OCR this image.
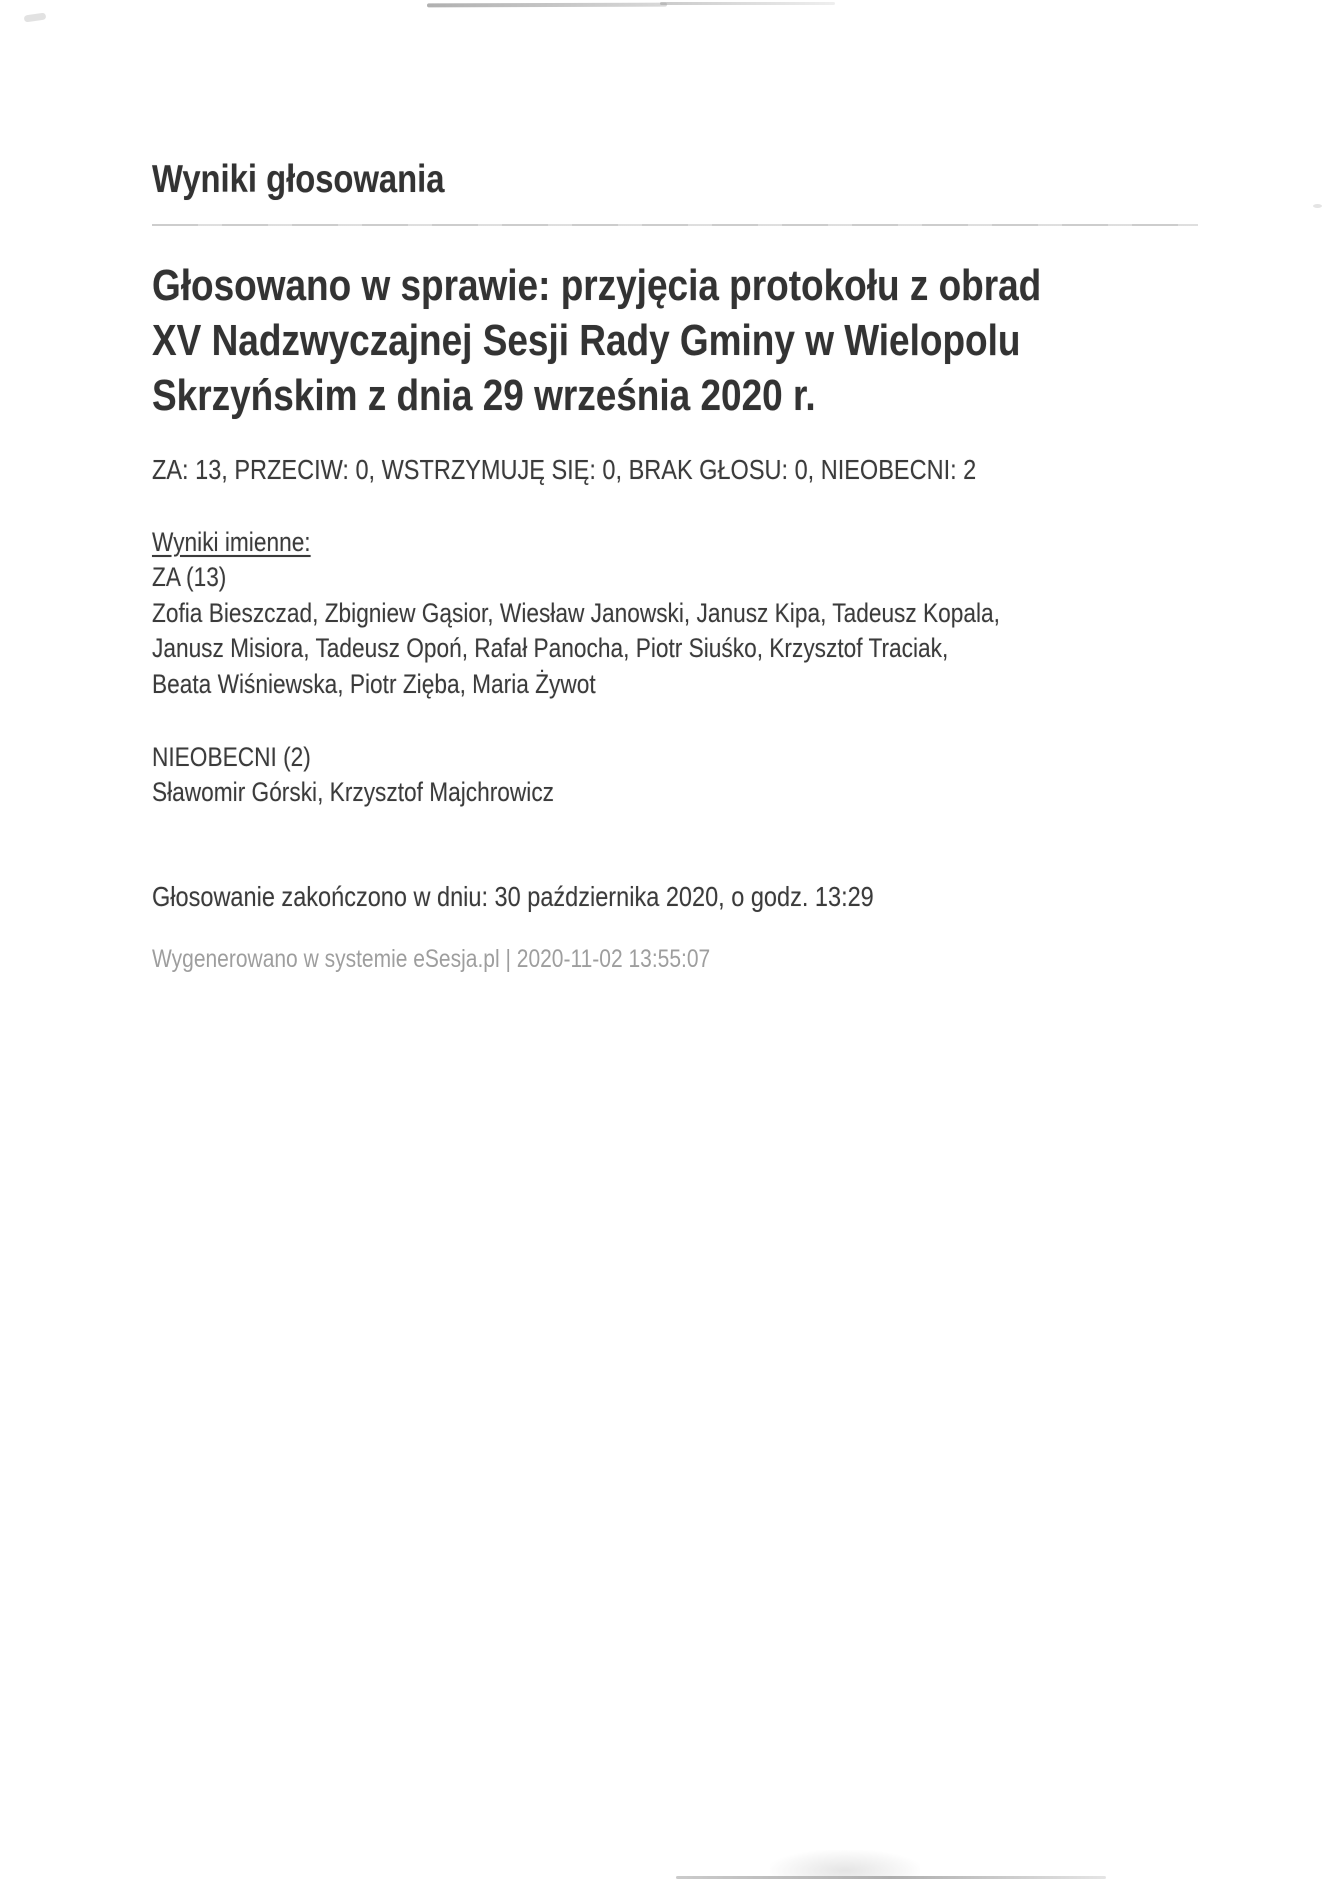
Wyniki głosowania
Głosowano w sprawie: przyjęcia protokołu z obrad
XV Nadzwyczajnej Sesji Rady Gminy w Wielopolu
Skrzyńskim z dnia 29 września 2020 r.
ZA: 13, PRZECIW: 0, WSTRZYMUJĘ SIĘ: 0, BRAK GŁOSU: 0, NIEOBECNI: 2
Wyniki imienne:
ZA (13)
Zofia Bieszczad, Zbigniew Gąsior, Wiesław Janowski, Janusz Kipa, Tadeusz Kopala,
Janusz Misiora, Tadeusz Opoń, Rafał Panocha, Piotr Siuśko, Krzysztof Traciak,
Beata Wiśniewska, Piotr Zięba, Maria Żywot
NIEOBECNI (2)
Sławomir Górski, Krzysztof Majchrowicz
Głosowanie zakończono w dniu: 30 października 2020, o godz. 13:29
Wygenerowano w systemie eSesja.pl | 2020-11-02 13:55:07
